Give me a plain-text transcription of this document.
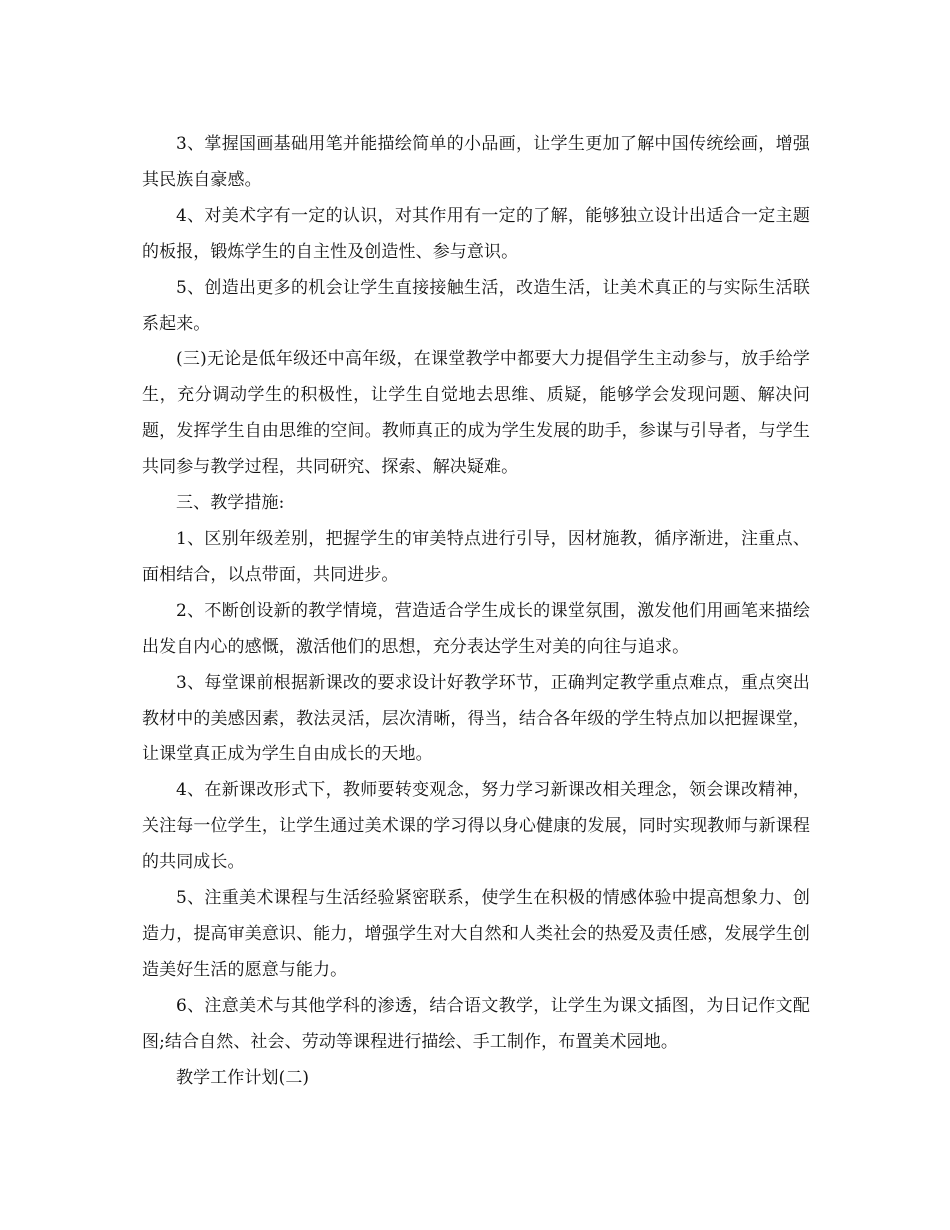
3、掌握国画基础用笔并能描绘简单的小品画，让学生更加了解中国传统绘画，增强其民族自豪感。

4、对美术字有一定的认识，对其作用有一定的了解，能够独立设计出适合一定主题的板报，锻炼学生的自主性及创造性、参与意识。

5、创造出更多的机会让学生直接接触生活，改造生活，让美术真正的与实际生活联系起来。

(三)无论是低年级还中高年级，在课堂教学中都要大力提倡学生主动参与，放手给学生，充分调动学生的积极性，让学生自觉地去思维、质疑，能够学会发现问题、解决问题，发挥学生自由思维的空间。教师真正的成为学生发展的助手，参谋与引导者，与学生共同参与教学过程，共同研究、探索、解决疑难。

三、教学措施:

1、区别年级差别，把握学生的审美特点进行引导，因材施教，循序渐进，注重点、面相结合，以点带面，共同进步。

2、不断创设新的教学情境，营造适合学生成长的课堂氛围，激发他们用画笔来描绘出发自内心的感慨，激活他们的思想，充分表达学生对美的向往与追求。

3、每堂课前根据新课改的要求设计好教学环节，正确判定教学重点难点，重点突出教材中的美感因素，教法灵活，层次清晰，得当，结合各年级的学生特点加以把握课堂，让课堂真正成为学生自由成长的天地。

4、在新课改形式下，教师要转变观念，努力学习新课改相关理念，领会课改精神，关注每一位学生，让学生通过美术课的学习得以身心健康的发展，同时实现教师与新课程的共同成长。

5、注重美术课程与生活经验紧密联系，使学生在积极的情感体验中提高想象力、创造力，提高审美意识、能力，增强学生对大自然和人类社会的热爱及责任感，发展学生创造美好生活的愿意与能力。

6、注意美术与其他学科的渗透，结合语文教学，让学生为课文插图，为日记作文配图;结合自然、社会、劳动等课程进行描绘、手工制作，布置美术园地。

教学工作计划(二)
